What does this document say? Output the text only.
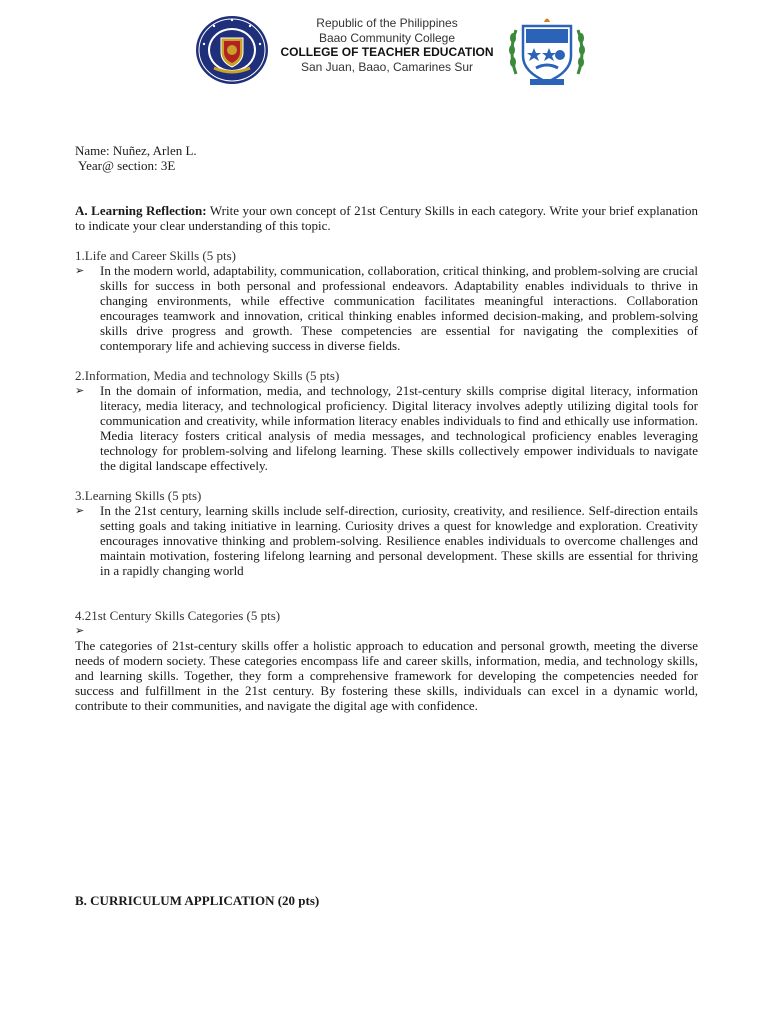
Republic of the Philippines
Baao Community College
COLLEGE OF TEACHER EDUCATION
San Juan, Baao, Camarines Sur
Name: Nuñez, Arlen L.
Year@ section: 3E

A. Learning Reflection: Write your own concept of 21st Century Skills in each category. Write your brief explanation to indicate your clear understanding of this topic.

1.Life and Career Skills (5 pts)

➢	In the modern world, adaptability, communication, collaboration, critical thinking, and problem-solving are crucial skills for success in both personal and professional endeavors. Adaptability enables individuals to thrive in changing environments, while effective communication facilitates meaningful interactions. Collaboration encourages teamwork and innovation, critical thinking enables informed decision-making, and problem-solving skills drive progress and growth. These competencies are essential for navigating the complexities of contemporary life and achieving success in diverse fields.

2.Information, Media and technology Skills (5 pts)

➢	In the domain of information, media, and technology, 21st-century skills comprise digital literacy, information literacy, media literacy, and technological proficiency. Digital literacy involves adeptly utilizing digital tools for communication and creativity, while information literacy enables individuals to find and ethically use information. Media literacy fosters critical analysis of media messages, and technological proficiency enables leveraging technology for problem-solving and lifelong learning. These skills collectively empower individuals to navigate the digital landscape effectively.

3.Learning Skills (5 pts)

➢	In the 21st century, learning skills include self-direction, curiosity, creativity, and resilience. Self-direction entails setting goals and taking initiative in learning. Curiosity drives a quest for knowledge and exploration. Creativity encourages innovative thinking and problem-solving. Resilience enables individuals to overcome challenges and maintain motivation, fostering lifelong learning and personal development. These skills are essential for thriving in a rapidly changing world

4.21st Century Skills Categories (5 pts)

➢

The categories of 21st-century skills offer a holistic approach to education and personal growth, meeting the diverse needs of modern society. These categories encompass life and career skills, information, media, and technology skills, and learning skills. Together, they form a comprehensive framework for developing the competencies needed for success and fulfillment in the 21st century. By fostering these skills, individuals can excel in a dynamic world, contribute to their communities, and navigate the digital age with confidence.

B. CURRICULUM APPLICATION (20 pts)
